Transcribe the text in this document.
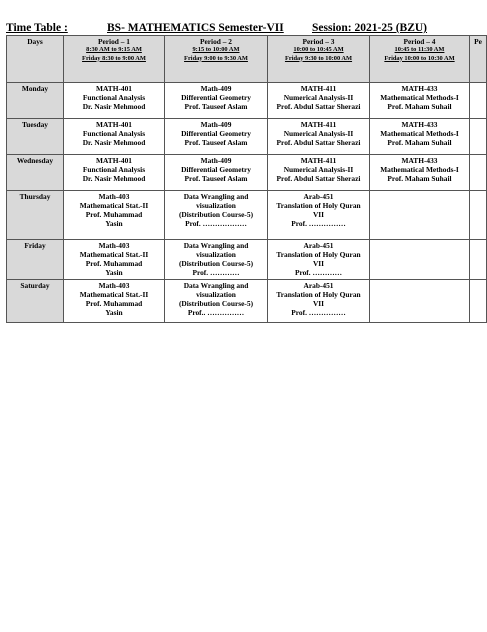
Time Table :	BS- MATHEMATICS Semester-VII Session: 2021-25 (BZU)
Days	Period – 1
8:30 AM to 9:15 AM
Friday 8:30 to 9:00 AM	Period – 2
9:15 to 10:00 AM
Friday 9:00 to 9:30 AM	Period – 3
10:00 to 10:45 AM
Friday 9:30 to 10:00 AM	Period – 4
10:45 to 11:30 AM
Friday 10:00 to 10:30 AM	Pe

Monday	MATH-401
Functional Analysis
Dr. Nasir Mehmood	Math-409
Differential Geometry
Prof. Tauseef Aslam	MATH-411
Numerical Analysis-II
Prof. Abdul Sattar Sherazi	MATH-433
Mathematical Methods-I
Prof. Maham Suhail	

Tuesday	MATH-401
Functional Analysis
Dr. Nasir Mehmood	Math-409
Differential Geometry
Prof. Tauseef Aslam	MATH-411
Numerical Analysis-II
Prof. Abdul Sattar Sherazi	MATH-433
Mathematical Methods-I
Prof. Maham Suhail	

Wednesday	MATH-401
Functional Analysis
Dr. Nasir Mehmood	Math-409
Differential Geometry
Prof. Tauseef Aslam	MATH-411
Numerical Analysis-II
Prof. Abdul Sattar Sherazi	MATH-433
Mathematical Methods-I
Prof. Maham Suhail	

Thursday	Math-403
Mathematical Stat.-II
Prof. Muhammad
Yasin	Data Wrangling and
visualization
(Distribution Course-5)
Prof. ………………	Arab-451
Translation of Holy Quran
VII
Prof. ……………		

Friday	Math-403
Mathematical Stat.-II
Prof. Muhammad
Yasin	Data Wrangling and
visualization
(Distribution Course-5)
Prof. …………	Arab-451
Translation of Holy Quran
VII
Prof. …………		

Saturday	Math-403
Mathematical Stat.-II
Prof. Muhammad
Yasin	Data Wrangling and
visualization
(Distribution Course-5)
Prof.. ……………	Arab-451
Translation of Holy Quran
VII
Prof. ……………		
